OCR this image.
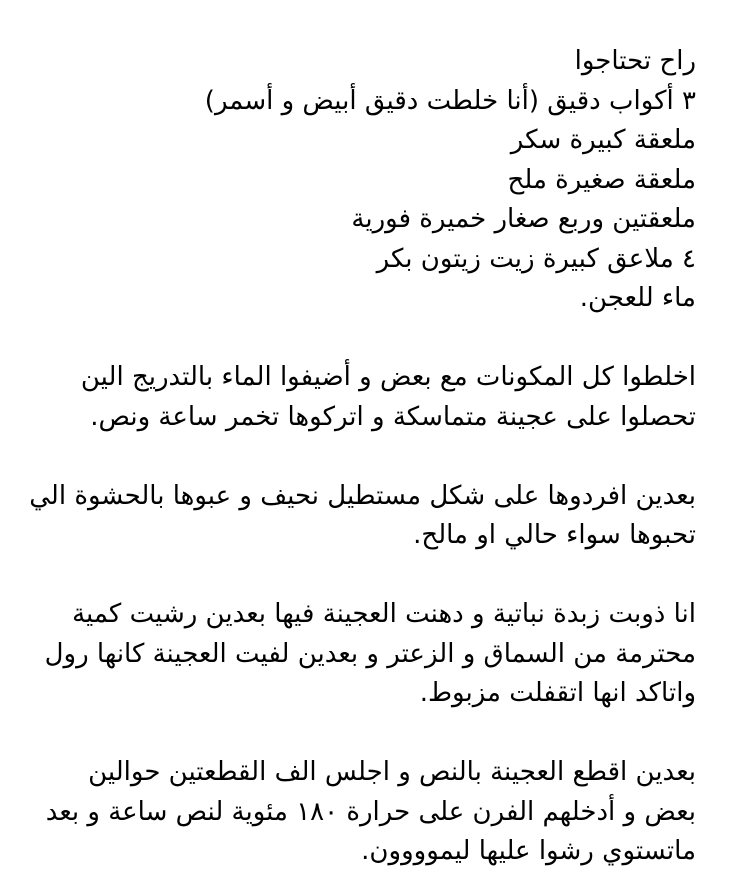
راح تحتاجوا
٣ أكواب دقيق (أنا خلطت دقيق أبيض و أسمر)
ملعقة كبيرة سكر
ملعقة صغيرة ملح
ملعقتين وربع صغار خميرة فورية
٤ ملاعق كبيرة زيت زيتون بكر
ماء للعجن.
اخلطوا كل المكونات مع بعض و أضيفوا الماء بالتدريج الين
تحصلوا على عجينة متماسكة و اتركوها تخمر ساعة ونص.
بعدين افردوها على شكل مستطيل نحيف و عبوها بالحشوة الي
تحبوها سواء حالي او مالح.
انا ذوبت زبدة نباتية و دهنت العجينة فيها بعدين رشيت كمية
محترمة من السماق و الزعتر و بعدين لفيت العجينة كانها رول
واتاكد انها اتقفلت مزبوط.
بعدين اقطع العجينة بالنص و اجلس الف القطعتين حوالين
بعض و أدخلهم الفرن على حرارة ١٨٠ مئوية لنص ساعة و بعد
ماتستوي رشوا عليها ليموووون.
